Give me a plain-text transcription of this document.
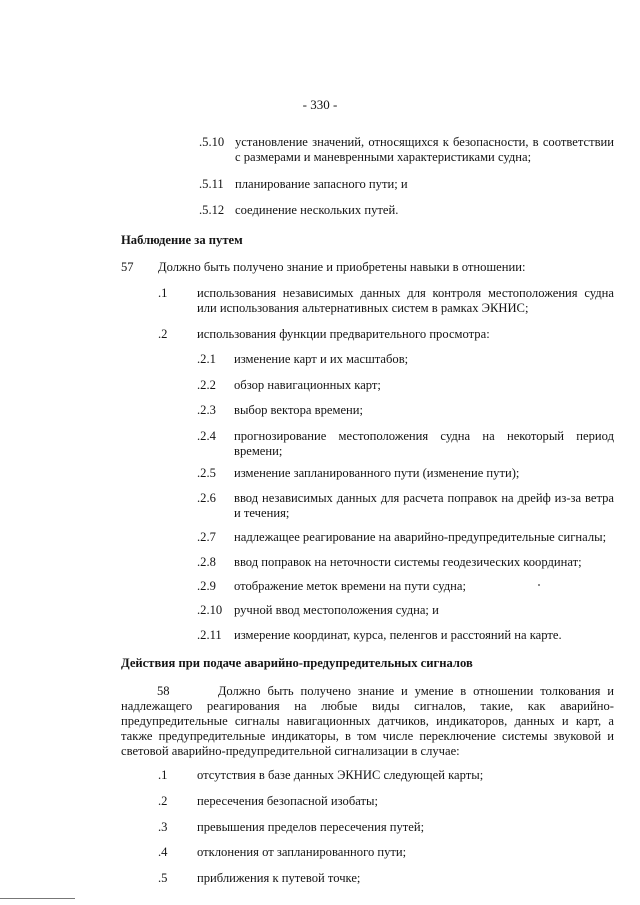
- 330 -
.5.10 установление значений, относящихся к безопасности, в соответствии с размерами и маневренными характеристиками судна;
.5.11 планирование запасного пути; и
.5.12 соединение нескольких путей.
Наблюдение за путем
57 Должно быть получено знание и приобретены навыки в отношении:
.1 использования независимых данных для контроля местоположения судна или использования альтернативных систем в рамках ЭКНИС;
.2 использования функции предварительного просмотра:
.2.1 изменение карт и их масштабов;
.2.2 обзор навигационных карт;
.2.3 выбор вектора времени;
.2.4 прогнозирование местоположения судна на некоторый период времени;
.2.5 изменение запланированного пути (изменение пути);
.2.6 ввод независимых данных для расчета поправок на дрейф из-за ветра и течения;
.2.7 надлежащее реагирование на аварийно-предупредительные сигналы;
.2.8 ввод поправок на неточности системы геодезических координат;
.2.9 отображение меток времени на пути судна;
.2.10 ручной ввод местоположения судна; и
.2.11 измерение координат, курса, пеленгов и расстояний на карте.
Действия при подаче аварийно-предупредительных сигналов
58	Должно быть получено знание и умение в отношении толкования и надлежащего реагирования на любые виды сигналов, такие, как аварийно-предупредительные сигналы навигационных датчиков, индикаторов, данных и карт, а также предупредительные индикаторы, в том числе переключение системы звуковой и световой аварийно-предупредительной сигнализации в случае:
.1 отсутствия в базе данных ЭКНИС следующей карты;
.2 пересечения безопасной изобаты;
.3 превышения пределов пересечения путей;
.4 отклонения от запланированного пути;
.5 приближения к путевой точке;
